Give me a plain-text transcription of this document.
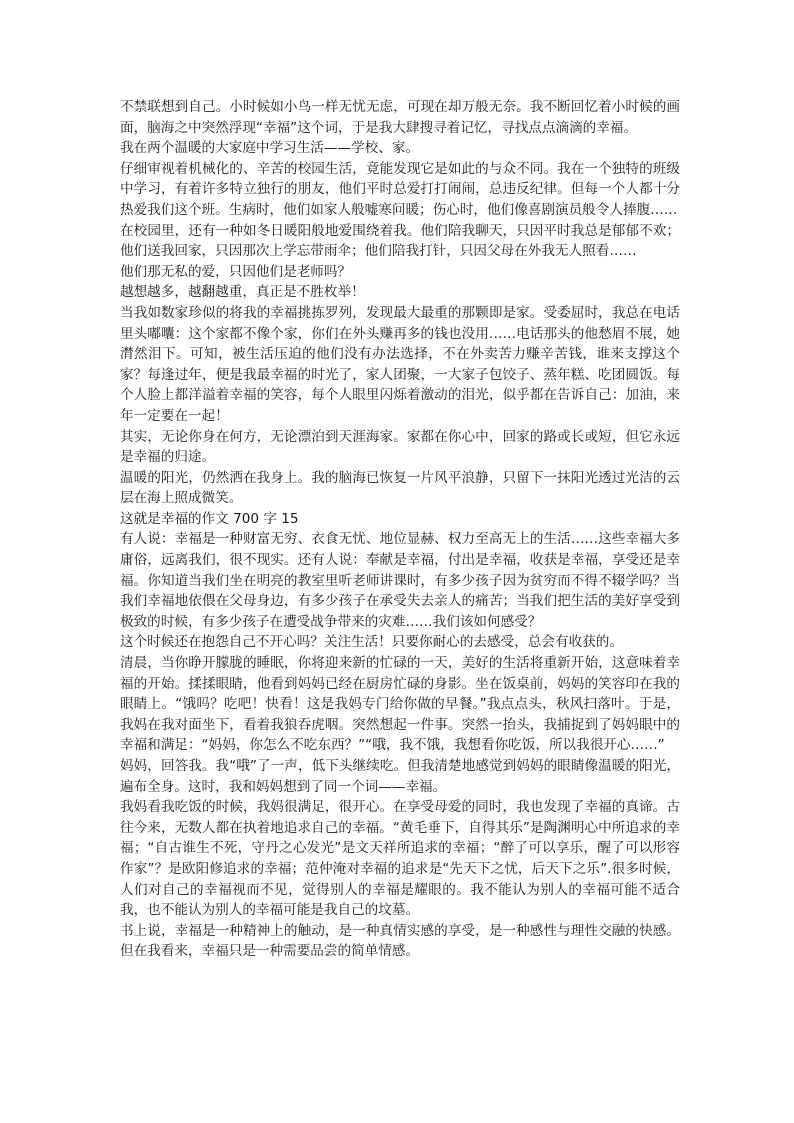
不禁联想到自己。小时候如小鸟一样无忧无虑，可现在却万般无奈。我不断回忆着小时候的画面，脑海之中突然浮现“幸福”这个词，于是我大肆搜寻着记忆，寻找点点滴滴的幸福。

我在两个温暖的大家庭中学习生活——学校、家。

仔细审视着机械化的、辛苦的校园生活，竟能发现它是如此的与众不同。我在一个独特的班级中学习，有着许多特立独行的朋友，他们平时总爱打打闹闹，总违反纪律。但每一个人都十分热爱我们这个班。生病时，他们如家人般嘘寒问暖；伤心时，他们像喜剧演员般令人捧腹……

在校园里，还有一种如冬日暖阳般地爱围绕着我。他们陪我聊天，只因平时我总是郁郁不欢；他们送我回家，只因那次上学忘带雨伞；他们陪我打针，只因父母在外我无人照看……

他们那无私的爱，只因他们是老师吗？

越想越多，越翻越重，真正是不胜枚举！

当我如数家珍似的将我的幸福挑拣罗列，发现最大最重的那颗即是家。受委屈时，我总在电话里头嘟囔：这个家都不像个家，你们在外头赚再多的钱也没用……电话那头的他愁眉不展，她潸然泪下。可知，被生活压迫的他们没有办法选择，不在外卖苦力赚辛苦钱，谁来支撑这个家？每逢过年，便是我最幸福的时光了，家人团聚，一大家子包饺子、蒸年糕、吃团圆饭。每个人脸上都洋溢着幸福的笑容，每个人眼里闪烁着激动的泪光，似乎都在告诉自己：加油，来年一定要在一起！

其实，无论你身在何方，无论漂泊到天涯海家。家都在你心中，回家的路或长或短，但它永远是幸福的归途。

温暖的阳光，仍然洒在我身上。我的脑海已恢复一片风平浪静，只留下一抹阳光透过光洁的云层在海上照成微笑。

这就是幸福的作文 700 字 15

有人说：幸福是一种财富无穷、衣食无忧、地位显赫、权力至高无上的生活……这些幸福大多庸俗，远离我们，很不现实。还有人说：奉献是幸福，付出是幸福，收获是幸福，享受还是幸福。你知道当我们坐在明亮的教室里听老师讲课时，有多少孩子因为贫穷而不得不辍学吗？当我们幸福地依偎在父母身边，有多少孩子在承受失去亲人的痛苦；当我们把生活的美好享受到极致的时候，有多少孩子在遭受战争带来的灾难……我们该如何感受？

这个时候还在抱怨自己不开心吗？关注生活！只要你耐心的去感受，总会有收获的。

清晨，当你睁开朦胧的睡眠，你将迎来新的忙碌的一天，美好的生活将重新开始，这意味着幸福的开始。揉揉眼睛，他看到妈妈已经在厨房忙碌的身影。坐在饭桌前，妈妈的笑容印在我的眼睛上。“饿吗？吃吧！快看！这是我妈专门给你做的早餐。”我点点头，秋风扫落叶。于是，我妈在我对面坐下，看着我狼吞虎咽。突然想起一件事。突然一抬头，我捕捉到了妈妈眼中的幸福和满足：“妈妈，你怎么不吃东西？”“哦，我不饿，我想看你吃饭，所以我很开心……”

妈妈，回答我。我“哦”了一声，低下头继续吃。但我清楚地感觉到妈妈的眼睛像温暖的阳光，遍布全身。这时，我和妈妈想到了同一个词——幸福。

我妈看我吃饭的时候，我妈很满足，很开心。在享受母爱的同时，我也发现了幸福的真谛。古往今来，无数人都在执着地追求自己的幸福。“黄毛垂下，自得其乐”是陶渊明心中所追求的幸福；“自古谁生不死，守丹之心发光”是文天祥所追求的幸福；“醉了可以享乐，醒了可以形容作家”？是欧阳修追求的幸福；范仲淹对幸福的追求是“先天下之忧，后天下之乐”.很多时候，人们对自己的幸福视而不见，觉得别人的幸福是耀眼的。我不能认为别人的幸福可能不适合我，也不能认为别人的幸福可能是我自己的坟墓。

书上说，幸福是一种精神上的触动，是一种真情实感的享受，是一种感性与理性交融的快感。但在我看来，幸福只是一种需要品尝的简单情感。
